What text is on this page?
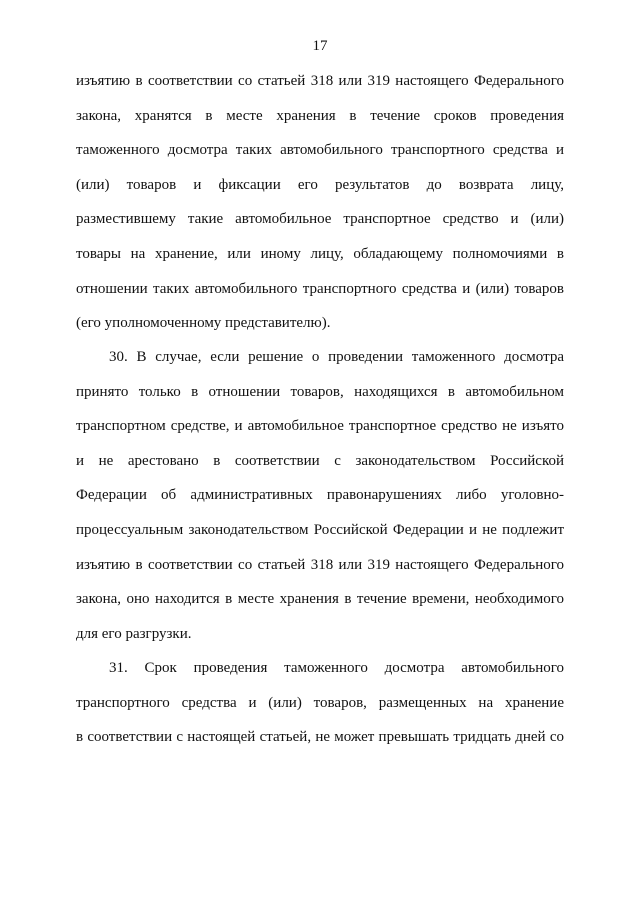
17
изъятию в соответствии со статьей 318 или 319 настоящего Федерального
закона, хранятся в месте хранения в течение сроков проведения
таможенного досмотра таких автомобильного транспортного средства и
(или) товаров и фиксации его результатов до возврата лицу,
разместившему такие автомобильное транспортное средство и (или)
товары на хранение, или иному лицу, обладающему полномочиями в
отношении таких автомобильного транспортного средства и (или) товаров
(его уполномоченному представителю).
30. В случае, если решение о проведении таможенного досмотра
принято только в отношении товаров, находящихся в автомобильном
транспортном средстве, и автомобильное транспортное средство не изъято
и не арестовано в соответствии с законодательством Российской
Федерации об административных правонарушениях либо уголовно-
процессуальным законодательством Российской Федерации и не подлежит
изъятию в соответствии со статьей 318 или 319 настоящего Федерального
закона, оно находится в месте хранения в течение времени, необходимого
для его разгрузки.
31. Срок проведения таможенного досмотра автомобильного
транспортного средства и (или) товаров, размещенных на хранение
в соответствии с настоящей статьей, не может превышать тридцать дней со
